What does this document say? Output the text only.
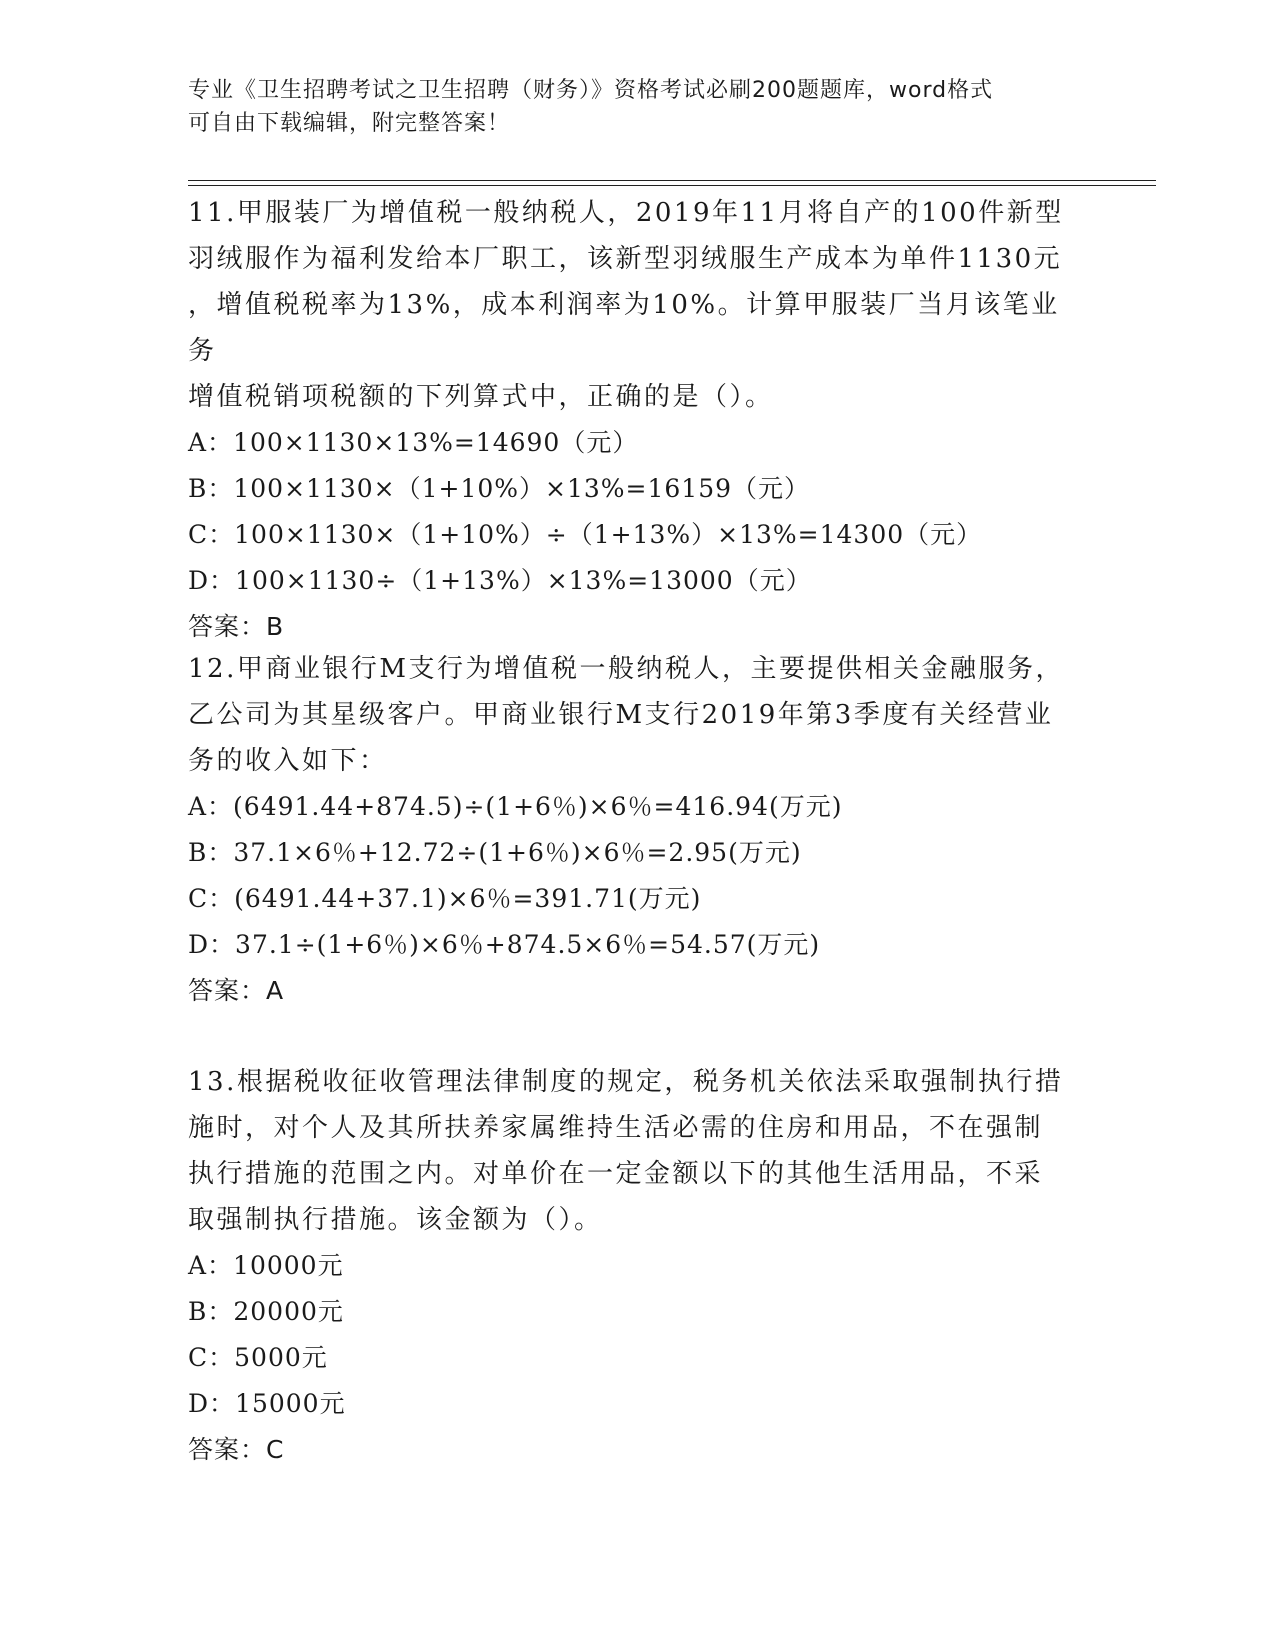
专业《卫生招聘考试之卫生招聘（财务）》资格考试必刷200题题库，word格式
可自由下载编辑，附完整答案！

11.甲服装厂为增值税一般纳税人，2019年11月将自产的100件新型

羽绒服作为福利发给本厂职工，该新型羽绒服生产成本为单件1130元

，增值税税率为13%，成本利润率为10%。计算甲服装厂当月该笔业务

增值税销项税额的下列算式中，正确的是（）。

A：100×1130×13%=14690（元）

B：100×1130×（1+10%）×13%=16159（元）

C：100×1130×（1+10%）÷（1+13%）×13%=14300（元）

D：100×1130÷（1+13%）×13%=13000（元）

答案：B

12.甲商业银行M支行为增值税一般纳税人，主要提供相关金融服务，

乙公司为其星级客户。甲商业银行M支行2019年第3季度有关经营业

务的收入如下：

A：(6491.44+874.5)÷(1+6％)×6％=416.94(万元)

B：37.1×6％+12.72÷(1+6％)×6％=2.95(万元)

C：(6491.44+37.1)×6％=391.71(万元)

D：37.1÷(1+6％)×6％+874.5×6％=54.57(万元)

答案：A

13.根据税收征收管理法律制度的规定，税务机关依法采取强制执行措

施时，对个人及其所扶养家属维持生活必需的住房和用品，不在强制

执行措施的范围之内。对单价在一定金额以下的其他生活用品，不采

取强制执行措施。该金额为（）。

A：10000元

B：20000元

C：5000元

D：15000元

答案：C
